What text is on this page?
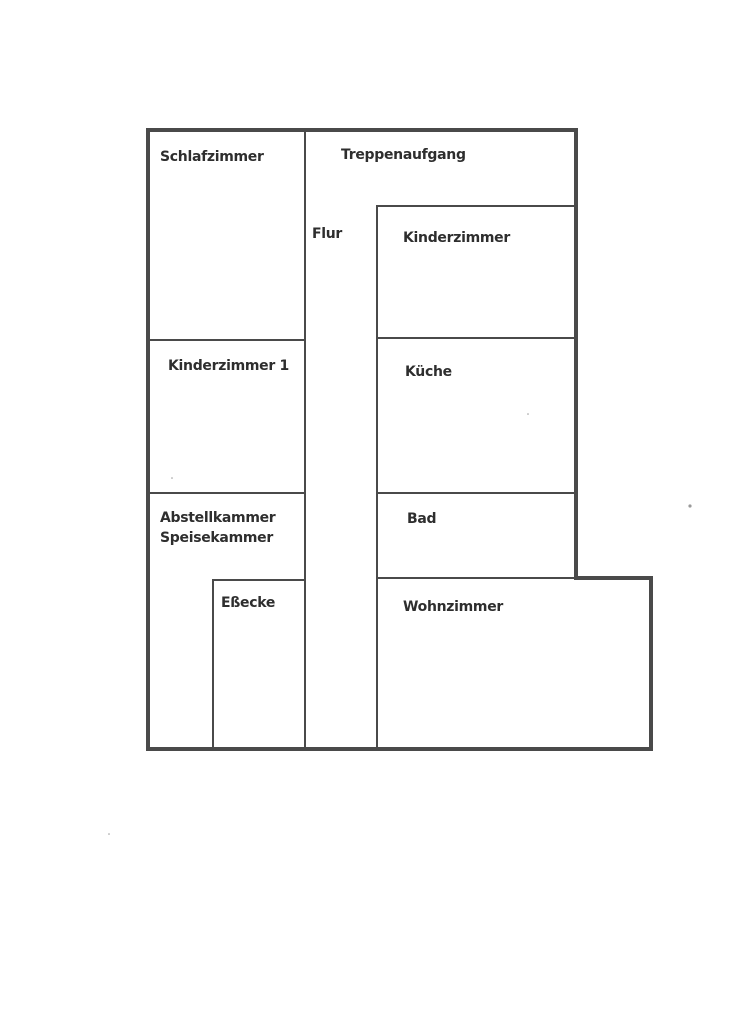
Schlafzimmer	Treppenaufgang
Flur	Kinderzimmer
Kinderzimmer 1	Küche
Abstellkammer
Speisekammer
Bad
Eßecke	Wohnzimmer
